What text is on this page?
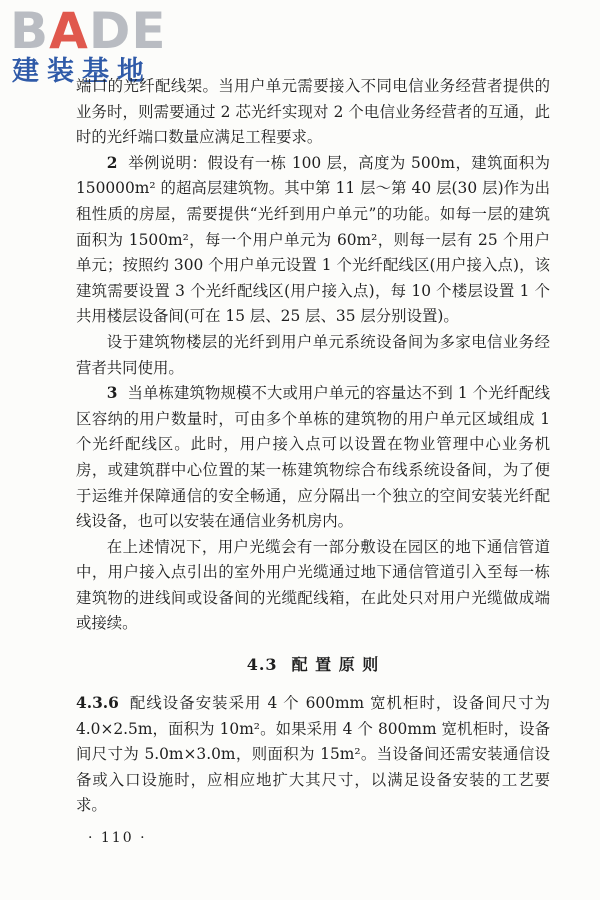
BADE
建装基地

端口的光纤配线架。当用户单元需要接入不同电信业务经营者提供的业务时，则需要通过 2 芯光纤实现对 2 个电信业务经营者的互通，此时的光纤端口数量应满足工程要求。

2 举例说明：假设有一栋 100 层，高度为 500m，建筑面积为 150000m² 的超高层建筑物。其中第 11 层～第 40 层(30 层)作为出租性质的房屋，需要提供“光纤到用户单元”的功能。如每一层的建筑面积为 1500m²，每一个用户单元为 60m²，则每一层有 25 个用户单元；按照约 300 个用户单元设置 1 个光纤配线区(用户接入点)，该建筑需要设置 3 个光纤配线区(用户接入点)，每 10 个楼层设置 1 个共用楼层设备间(可在 15 层、25 层、35 层分别设置)。

设于建筑物楼层的光纤到用户单元系统设备间为多家电信业务经营者共同使用。

3 当单栋建筑物规模不大或用户单元的容量达不到 1 个光纤配线区容纳的用户数量时，可由多个单栋的建筑物的用户单元区域组成 1 个光纤配线区。此时，用户接入点可以设置在物业管理中心业务机房，或建筑群中心位置的某一栋建筑物综合布线系统设备间，为了便于运维并保障通信的安全畅通，应分隔出一个独立的空间安装光纤配线设备，也可以安装在通信业务机房内。

在上述情况下，用户光缆会有一部分敷设在园区的地下通信管道中，用户接入点引出的室外用户光缆通过地下通信管道引入至每一栋建筑物的进线间或设备间的光缆配线箱，在此处只对用户光缆做成端或接续。

4.3 配 置 原 则
4.3.6 配线设备安装采用 4 个 600mm 宽机柜时，设备间尺寸为 4.0×2.5m，面积为 10m²。如果采用 4 个 800mm 宽机柜时，设备间尺寸为 5.0m×3.0m，则面积为 15m²。当设备间还需安装通信设备或入口设施时，应相应地扩大其尺寸，以满足设备安装的工艺要求。
· 110 ·
